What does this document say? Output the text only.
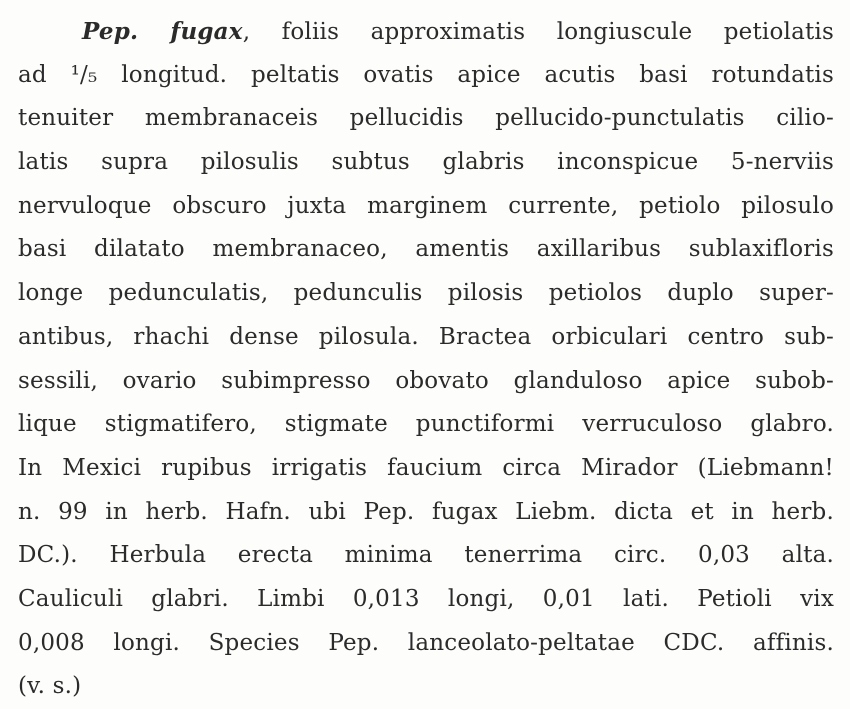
Pep. fugax, foliis approximatis longiuscule petiolatis
ad ¹/₅ longitud. peltatis ovatis apice acutis basi rotundatis
tenuiter membranaceis pellucidis pellucido-punctulatis cilio-
latis supra pilosulis subtus glabris inconspicue 5-nerviis
nervuloque obscuro juxta marginem currente, petiolo pilosulo
basi dilatato membranaceo, amentis axillaribus sublaxifloris
longe pedunculatis, pedunculis pilosis petiolos duplo super-
antibus, rhachi dense pilosula. Bractea orbiculari centro sub-
sessili, ovario subimpresso obovato glanduloso apice subob-
lique stigmatifero, stigmate punctiformi verruculoso glabro.
In Mexici rupibus irrigatis faucium circa Mirador (Liebmann!
n. 99 in herb. Hafn. ubi Pep. fugax Liebm. dicta et in herb.
DC.). Herbula erecta minima tenerrima circ. 0,03 alta.
Cauliculi glabri. Limbi 0,013 longi, 0,01 lati. Petioli vix
0,008 longi. Species Pep. lanceolato-peltatae CDC. affinis.
(v. s.)
